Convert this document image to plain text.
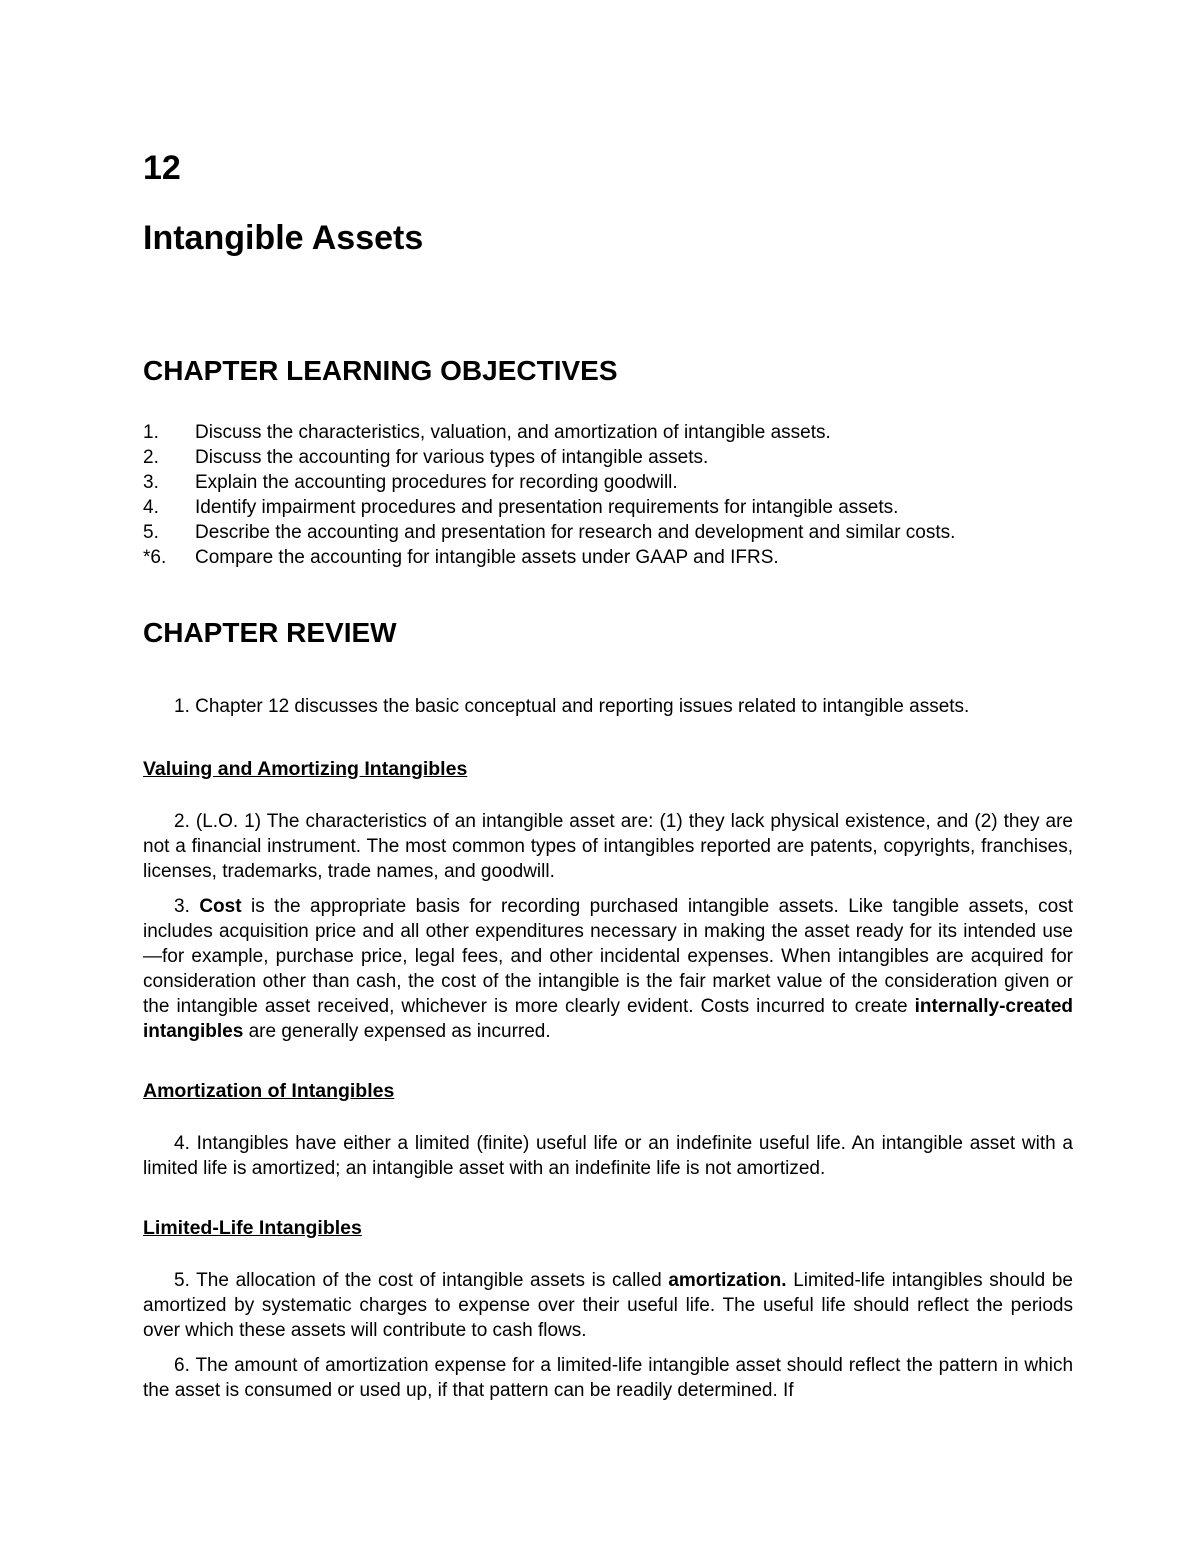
12
Intangible Assets
CHAPTER LEARNING OBJECTIVES
1.	Discuss the characteristics, valuation, and amortization of intangible assets.
2.	Discuss the accounting for various types of intangible assets.
3.	Explain the accounting procedures for recording goodwill.
4.	Identify impairment procedures and presentation requirements for intangible assets.
5.	Describe the accounting and presentation for research and development and similar costs.
*6.	Compare the accounting for intangible assets under GAAP and IFRS.
CHAPTER REVIEW

1. Chapter 12 discusses the basic conceptual and reporting issues related to intangible assets.

Valuing and Amortizing Intangibles

2. (L.O. 1) The characteristics of an intangible asset are: (1) they lack physical existence, and (2) they are not a financial instrument. The most common types of intangibles reported are patents, copyrights, franchises, licenses, trademarks, trade names, and goodwill.

3. Cost is the appropriate basis for recording purchased intangible assets. Like tangible assets, cost includes acquisition price and all other expenditures necessary in making the asset ready for its intended use—for example, purchase price, legal fees, and other incidental expenses. When intangibles are acquired for consideration other than cash, the cost of the intangible is the fair market value of the consideration given or the intangible asset received, whichever is more clearly evident. Costs incurred to create internally-created intangibles are generally expensed as incurred.

Amortization of Intangibles

4. Intangibles have either a limited (finite) useful life or an indefinite useful life. An intangible asset with a limited life is amortized; an intangible asset with an indefinite life is not amortized.

Limited-Life Intangibles

5. The allocation of the cost of intangible assets is called amortization. Limited-life intangibles should be amortized by systematic charges to expense over their useful life. The useful life should reflect the periods over which these assets will contribute to cash flows.

6. The amount of amortization expense for a limited-life intangible asset should reflect the pattern in which the asset is consumed or used up, if that pattern can be readily determined. If
